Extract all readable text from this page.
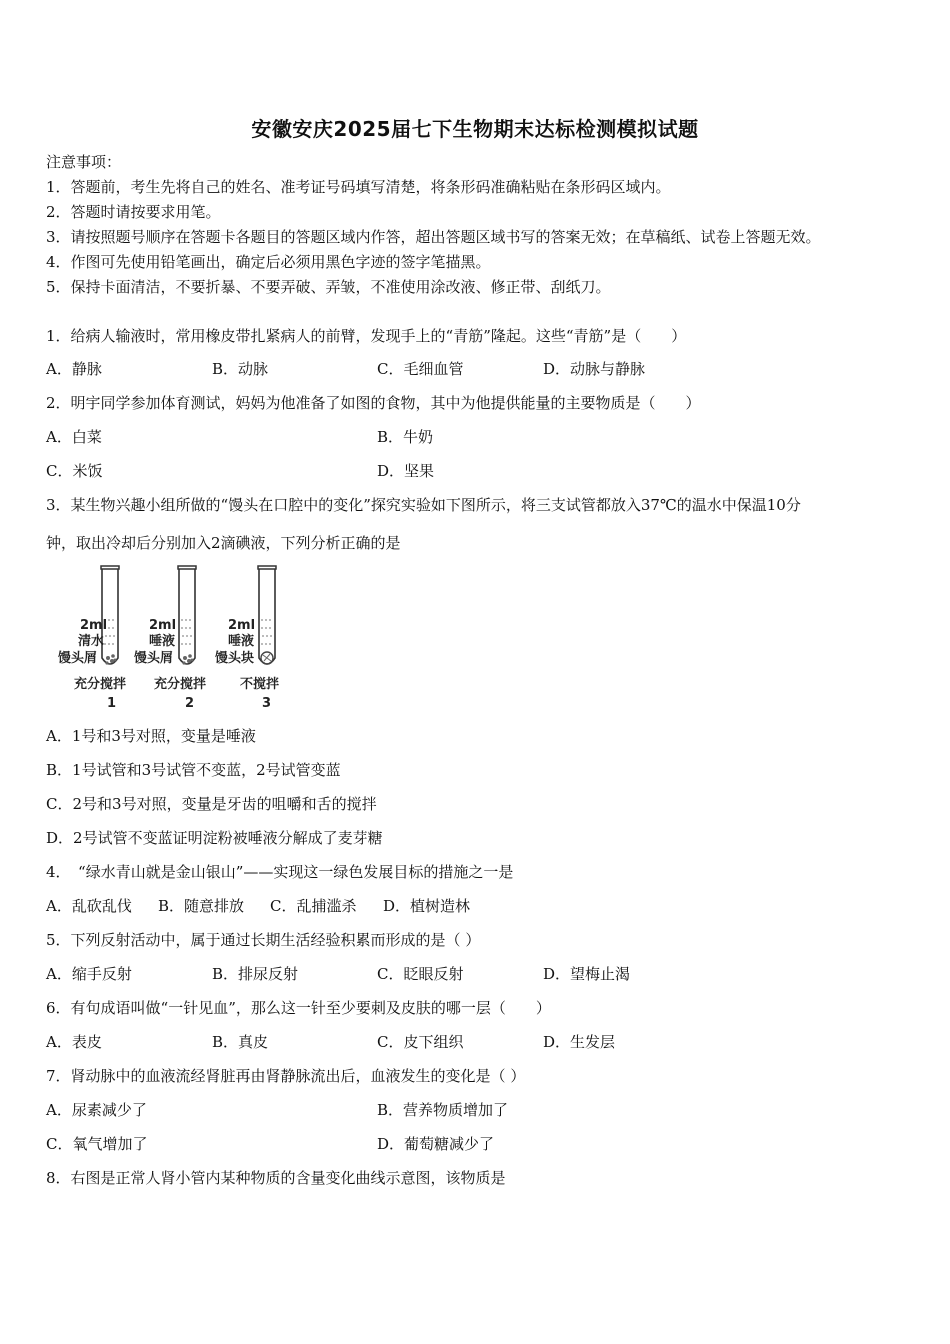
安徽安庆2025届七下生物期末达标检测模拟试题
注意事项：
1．答题前，考生先将自己的姓名、准考证号码填写清楚，将条形码准确粘贴在条形码区域内。
2．答题时请按要求用笔。
3．请按照题号顺序在答题卡各题目的答题区域内作答，超出答题区域书写的答案无效；在草稿纸、试卷上答题无效。
4．作图可先使用铅笔画出，确定后必须用黑色字迹的签字笔描黑。
5．保持卡面清洁，不要折暴、不要弄破、弄皱，不准使用涂改液、修正带、刮纸刀。
1．给病人输液时，常用橡皮带扎紧病人的前臂，发现手上的“青筋”隆起。这些“青筋”是（　　）
A．静脉	B．动脉	C．毛细血管	D．动脉与静脉
2．明宇同学参加体育测试，妈妈为他准备了如图的食物，其中为他提供能量的主要物质是（　　）
A．白菜	B．牛奶
C．米饭	D．坚果
3．某生物兴趣小组所做的“馒头在口腔中的变化”探究实验如下图所示，将三支试管都放入37℃的温水中保温10分
钟，取出冷却后分别加入2滴碘液，下列分析正确的是
2ml
清水
馒头屑
充分搅拌
1
2ml
唾液
馒头屑
充分搅拌
2
2ml
唾液
馒头块
不搅拌
3
A．1号和3号对照，变量是唾液
B．1号试管和3号试管不变蓝，2号试管变蓝
C．2号和3号对照，变量是牙齿的咀嚼和舌的搅拌
D．2号试管不变蓝证明淀粉被唾液分解成了麦芽糖
4．　“绿水青山就是金山银山”——实现这一绿色发展目标的措施之一是
A．乱砍乱伐 B．随意排放 C．乱捕滥杀 D．植树造林
5．下列反射活动中，属于通过长期生活经验积累而形成的是（ ）
A．缩手反射	B．排尿反射	C．眨眼反射	D．望梅止渴
6．有句成语叫做“一针见血”，那么这一针至少要刺及皮肤的哪一层（　　）
A．表皮	B．真皮	C．皮下组织	D．生发层
7．肾动脉中的血液流经肾脏再由肾静脉流出后，血液发生的变化是（ ）
A．尿素减少了	B．营养物质增加了
C．氧气增加了	D．葡萄糖减少了
8．右图是正常人肾小管内某种物质的含量变化曲线示意图，该物质是
